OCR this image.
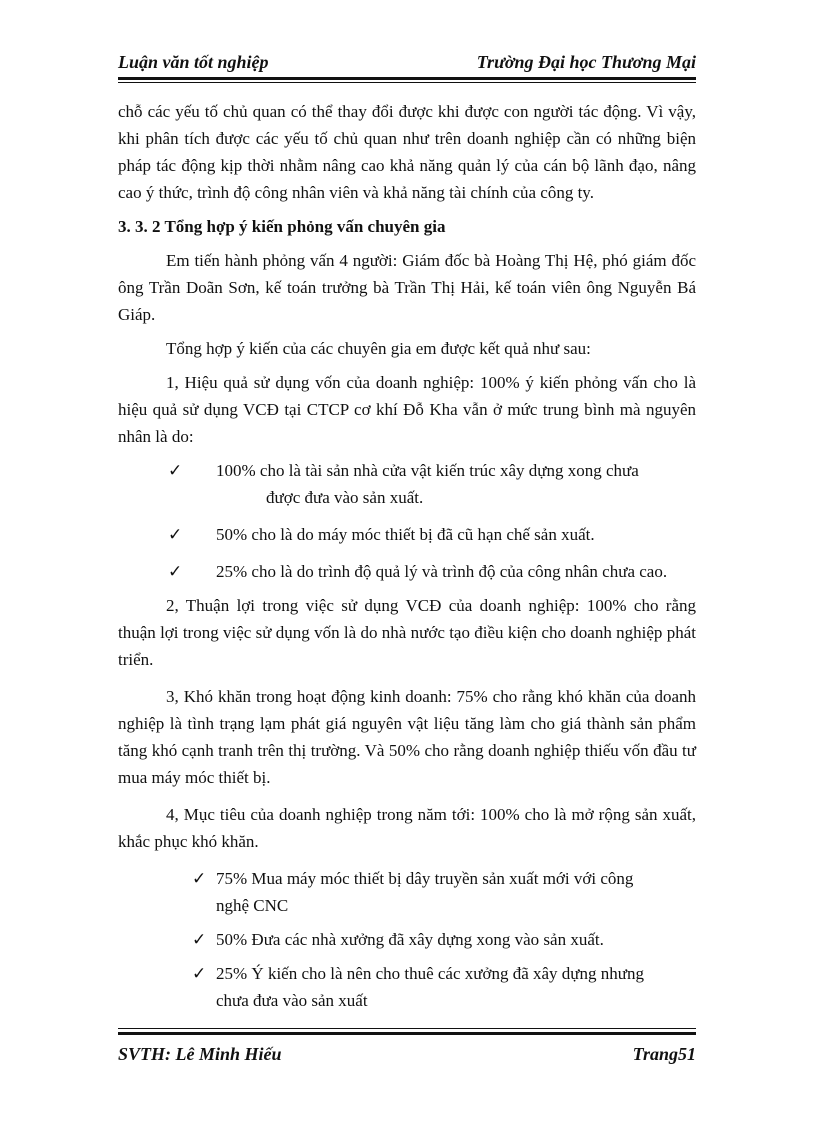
Luận văn tốt nghiệp	Trường Đại học Thương Mại

chỗ các yếu tố chủ quan có thể thay đổi được khi được con người tác động. Vì vậy, khi phân tích được các yếu tố chủ quan như trên doanh nghiệp cần có những biện pháp tác động kịp thời nhằm nâng cao khả năng quản lý của cán bộ lãnh đạo, nâng cao ý thức, trình độ công nhân viên và khả năng tài chính của công ty.

3. 3. 2 Tổng hợp ý kiến phỏng vấn chuyên gia

Em tiến hành phỏng vấn 4 người: Giám đốc bà Hoàng Thị Hệ, phó giám đốc ông Trần Doãn Sơn, kế toán trưởng bà Trần Thị Hải, kế toán viên ông Nguyễn Bá Giáp.

Tổng hợp ý kiến của các chuyên gia em được kết quả như sau:

1, Hiệu quả sử dụng vốn của doanh nghiệp: 100% ý kiến phỏng vấn cho là hiệu quả sử dụng VCĐ tại CTCP cơ khí Đỗ Kha vẫn ở mức trung bình mà nguyên nhân là do:

✓ 100% cho là tài sản nhà cửa vật kiến trúc xây dựng xong chưa
được đưa vào sản xuất.
✓ 50% cho là do máy móc thiết bị đã cũ hạn chế sản xuất.
✓ 25% cho là do trình độ quả lý và trình độ của công nhân chưa cao.

2, Thuận lợi trong việc sử dụng VCĐ của doanh nghiệp: 100% cho rằng thuận lợi trong việc sử dụng vốn là do nhà nước tạo điều kiện cho doanh nghiệp phát triển.

3, Khó khăn trong hoạt động kinh doanh: 75% cho rằng khó khăn của doanh nghiệp là tình trạng lạm phát giá nguyên vật liệu tăng làm cho giá thành sản phẩm tăng khó cạnh tranh trên thị trường. Và 50% cho rằng doanh nghiệp thiếu vốn đầu tư mua máy móc thiết bị.

4, Mục tiêu của doanh nghiệp trong năm tới: 100% cho là mở rộng sản xuất, khắc phục khó khăn.

✓ 75% Mua máy móc thiết bị dây truyền sản xuất mới với công
nghệ CNC
✓ 50% Đưa các nhà xưởng đã xây dựng xong vào sản xuất.
✓ 25% Ý kiến cho là nên cho thuê các xưởng đã xây dựng nhưng
chưa đưa vào sản xuất
SVTH: Lê Minh Hiếu	Trang51
